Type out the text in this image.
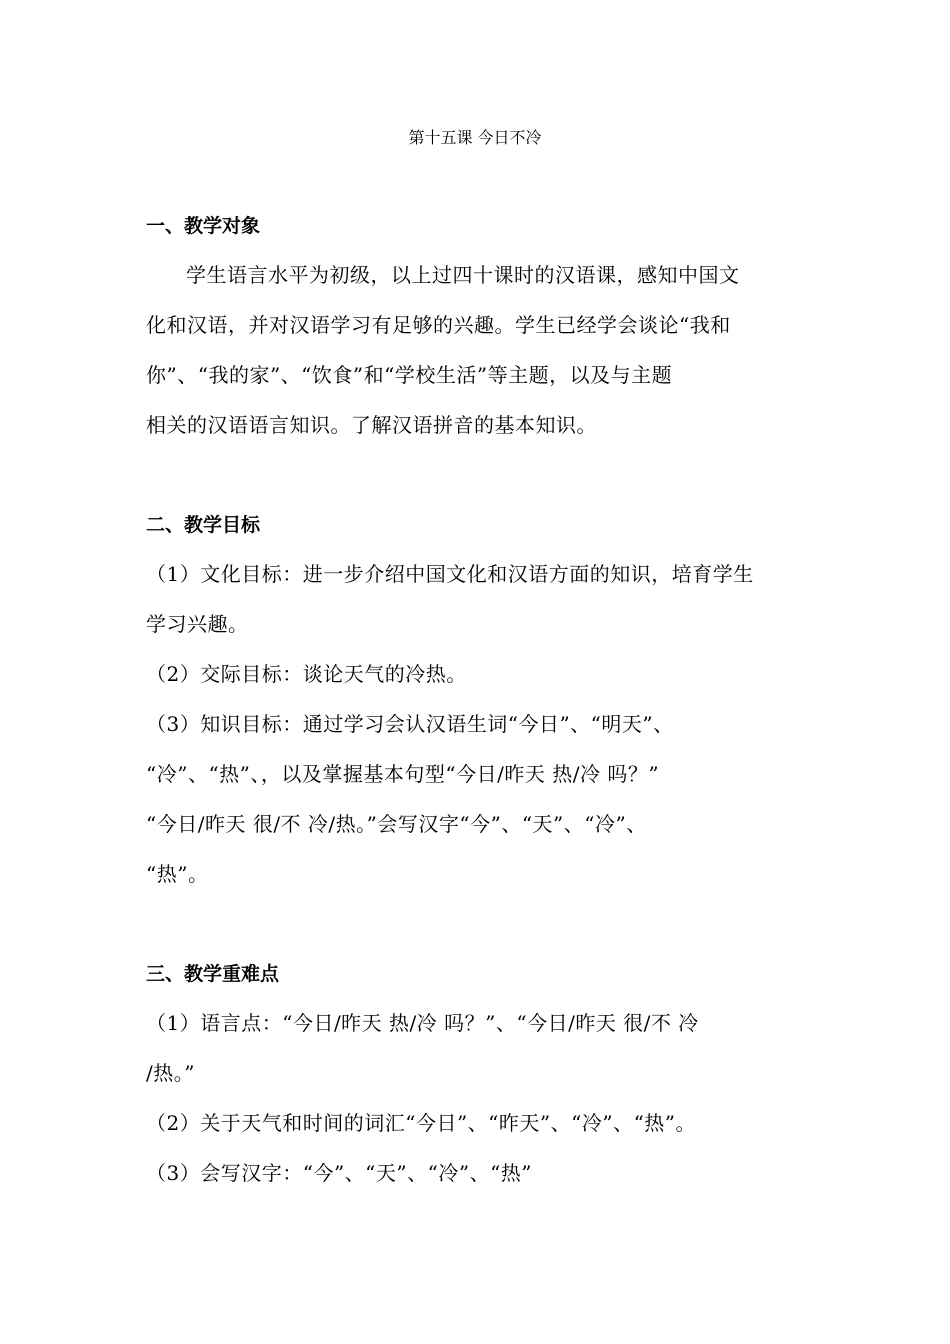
第十五课 今日不冷
一、教学对象
学生语言水平为初级，以上过四十课时的汉语课，感知中国文
化和汉语，并对汉语学习有足够的兴趣。学生已经学会谈论“我和
你”、“我的家”、“饮食”和“学校生活”等主题，以及与主题
相关的汉语语言知识。了解汉语拼音的基本知识。
二、教学目标
（1）文化目标：进一步介绍中国文化和汉语方面的知识，培育学生
学习兴趣。
（2）交际目标：谈论天气的冷热。
（3）知识目标：通过学习会认汉语生词“今日”、“明天”、
“冷”、“热”、，以及掌握基本句型“今日/昨天 热/冷 吗？”
“今日/昨天 很/不 冷/热。”会写汉字“今”、“天”、“冷”、
“热”。
三、教学重难点
（1）语言点：“今日/昨天 热/冷 吗？”、“今日/昨天 很/不 冷
/热。”
（2）关于天气和时间的词汇“今日”、“昨天”、“冷”、“热”。
（3）会写汉字：“今”、“天”、“冷”、“热”
